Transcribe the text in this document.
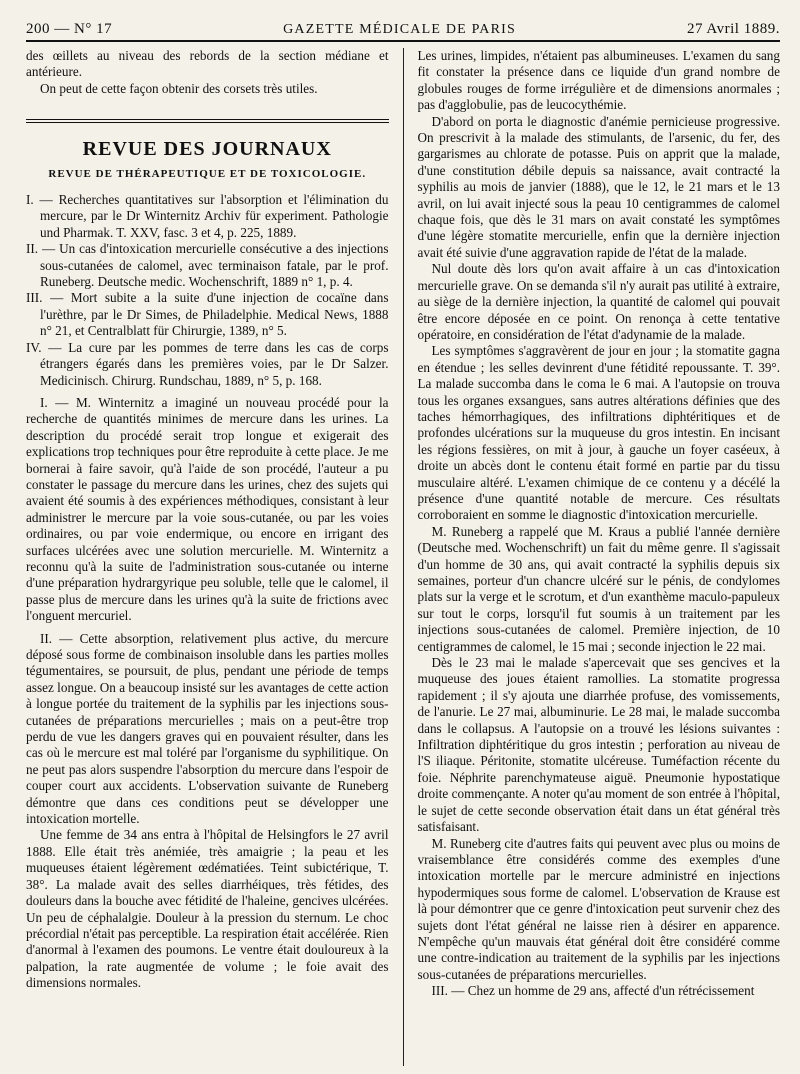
200 — N° 17	GAZETTE MÉDICALE DE PARIS	27 Avril 1889.

des œillets au niveau des rebords de la section médiane et antérieure.

On peut de cette façon obtenir des corsets très utiles.

REVUE DES JOURNAUX
REVUE DE THÉRAPEUTIQUE ET DE TOXICOLOGIE.

I. — Recherches quantitatives sur l'absorption et l'élimination du mercure, par le Dr Winternitz Archiv für experiment. Pathologie und Pharmak. T. XXV, fasc. 3 et 4, p. 225, 1889.

II. — Un cas d'intoxication mercurielle consécutive a des injections sous-cutanées de calomel, avec terminaison fatale, par le prof. Runeberg. Deutsche medic. Wochenschrift, 1889 n° 1, p. 4.

III. — Mort subite a la suite d'une injection de cocaïne dans l'urèthre, par le Dr Simes, de Philadelphie. Medical News, 1888 n° 21, et Centralblatt für Chirurgie, 1389, n° 5.

IV. — La cure par les pommes de terre dans les cas de corps étrangers égarés dans les premières voies, par le Dr Salzer. Medicinisch. Chirurg. Rundschau, 1889, n° 5, p. 168.

I. — M. Winternitz a imaginé un nouveau procédé pour la recherche de quantités minimes de mercure dans les urines. La description du procédé serait trop longue et exigerait des explications trop techniques pour être reproduite à cette place. Je me bornerai à faire savoir, qu'à l'aide de son procédé, l'auteur a pu constater le passage du mercure dans les urines, chez des sujets qui avaient été soumis à des expériences méthodiques, consistant à leur administrer le mercure par la voie sous-cutanée, ou par les voies ordinaires, ou par voie endermique, ou encore en irrigant des surfaces ulcérées avec une solution mercurielle. M. Winternitz a reconnu qu'à la suite de l'administration sous-cutanée ou interne d'une préparation hydrargyrique peu soluble, telle que le calomel, il passe plus de mercure dans les urines qu'à la suite de frictions avec l'onguent mercuriel.

II. — Cette absorption, relativement plus active, du mercure déposé sous forme de combinaison insoluble dans les parties molles tégumentaires, se poursuit, de plus, pendant une période de temps assez longue. On a beaucoup insisté sur les avantages de cette action à longue portée du traitement de la syphilis par les injections sous-cutanées de préparations mercurielles ; mais on a peut-être trop perdu de vue les dangers graves qui en pouvaient résulter, dans les cas où le mercure est mal toléré par l'organisme du syphilitique. On ne peut pas alors suspendre l'absorption du mercure dans l'espoir de couper court aux accidents. L'observation suivante de Runeberg démontre que dans ces conditions peut se développer une intoxication mortelle.

Une femme de 34 ans entra à l'hôpital de Helsingfors le 27 avril 1888. Elle était très anémiée, très amaigrie ; la peau et les muqueuses étaient légèrement œdématiées. Teint subictérique, T. 38°. La malade avait des selles diarrhéiques, très fétides, des douleurs dans la bouche avec fétidité de l'haleine, gencives ulcérées. Un peu de céphalalgie. Douleur à la pression du sternum. Le choc précordial n'était pas perceptible. La respiration était accélérée. Rien d'anormal à l'examen des poumons. Le ventre était douloureux à la palpation, la rate augmentée de volume ; le foie avait des dimensions normales.

Les urines, limpides, n'étaient pas albumineuses. L'examen du sang fit constater la présence dans ce liquide d'un grand nombre de globules rouges de forme irrégulière et de dimensions anormales ; pas d'agglobulie, pas de leucocythémie.

D'abord on porta le diagnostic d'anémie pernicieuse progressive. On prescrivit à la malade des stimulants, de l'arsenic, du fer, des gargarismes au chlorate de potasse. Puis on apprit que la malade, d'une constitution débile depuis sa naissance, avait contracté la syphilis au mois de janvier (1888), que le 12, le 21 mars et le 13 avril, on lui avait injecté sous la peau 10 centigrammes de calomel chaque fois, que dès le 31 mars on avait constaté les symptômes d'une légère stomatite mercurielle, enfin que la dernière injection avait été suivie d'une aggravation rapide de l'état de la malade.

Nul doute dès lors qu'on avait affaire à un cas d'intoxication mercurielle grave. On se demanda s'il n'y aurait pas utilité à extraire, au siège de la dernière injection, la quantité de calomel qui pouvait être encore déposée en ce point. On renonça à cette tentative opératoire, en considération de l'état d'adynamie de la malade.

Les symptômes s'aggravèrent de jour en jour ; la stomatite gagna en étendue ; les selles devinrent d'une fétidité repoussante. T. 39°. La malade succomba dans le coma le 6 mai. A l'autopsie on trouva tous les organes exsangues, sans autres altérations définies que des taches hémorrhagiques, des infiltrations diphtéritiques et de profondes ulcérations sur la muqueuse du gros intestin. En incisant les régions fessières, on mit à jour, à gauche un foyer caséeux, à droite un abcès dont le contenu était formé en partie par du tissu musculaire altéré. L'examen chimique de ce contenu y a décélé la présence d'une quantité notable de mercure. Ces résultats corroboraient en somme le diagnostic d'intoxication mercurielle.

M. Runeberg a rappelé que M. Kraus a publié l'année dernière (Deutsche med. Wochenschrift) un fait du même genre. Il s'agissait d'un homme de 30 ans, qui avait contracté la syphilis depuis six semaines, porteur d'un chancre ulcéré sur le pénis, de condylomes plats sur la verge et le scrotum, et d'un exanthème maculo-papuleux sur tout le corps, lorsqu'il fut soumis à un traitement par les injections sous-cutanées de calomel. Première injection, de 10 centigrammes de calomel, le 15 mai ; seconde injection le 22 mai.

Dès le 23 mai le malade s'apercevait que ses gencives et la muqueuse des joues étaient ramollies. La stomatite progressa rapidement ; il s'y ajouta une diarrhée profuse, des vomissements, de l'anurie. Le 27 mai, albuminurie. Le 28 mai, le malade succomba dans le collapsus. A l'autopsie on a trouvé les lésions suivantes : Infiltration diphtéritique du gros intestin ; perforation au niveau de l'S iliaque. Péritonite, stomatite ulcéreuse. Tuméfaction récente du foie. Néphrite parenchymateuse aiguë. Pneumonie hypostatique droite commençante. A noter qu'au moment de son entrée à l'hôpital, le sujet de cette seconde observation était dans un état général très satisfaisant.

M. Runeberg cite d'autres faits qui peuvent avec plus ou moins de vraisemblance être considérés comme des exemples d'une intoxication mortelle par le mercure administré en injections hypodermiques sous forme de calomel. L'observation de Krause est là pour démontrer que ce genre d'intoxication peut survenir chez des sujets dont l'état général ne laisse rien à désirer en apparence. N'empêche qu'un mauvais état général doit être considéré comme une contre-indication au traitement de la syphilis par les injections sous-cutanées de préparations mercurielles.

III. — Chez un homme de 29 ans, affecté d'un rétrécissement
